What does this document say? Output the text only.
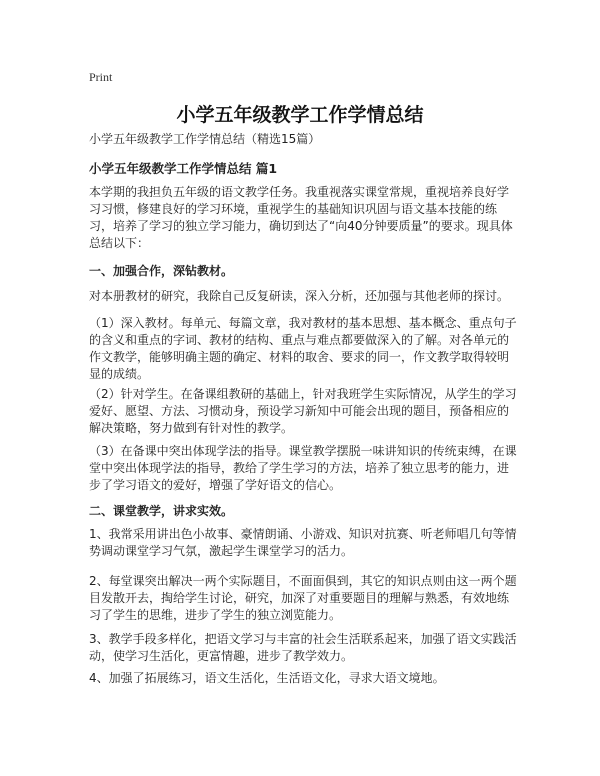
Print
小学五年级教学工作学情总结
小学五年级教学工作学情总结（精选15篇）
小学五年级教学工作学情总结 篇1
本学期的我担负五年级的语文教学任务。我重视落实课堂常规，重视培养良好学习习惯，修建良好的学习环境，重视学生的基础知识巩固与语文基本技能的练习，培养了学习的独立学习能力，确切到达了“向40分钟要质量”的要求。现具体总结以下：
一、加强合作，深钻教材。
对本册教材的研究，我除自己反复研读，深入分析，还加强与其他老师的探讨。
（1）深入教材。每单元、每篇文章，我对教材的基本思想、基本概念、重点句子的含义和重点的字词、教材的结构、重点与难点都要做深入的了解。对各单元的作文教学，能够明确主题的确定、材料的取舍、要求的同一，作文教学取得较明显的成绩。
（2）针对学生。在备课组教研的基础上，针对我班学生实际情况，从学生的学习爱好、愿望、方法、习惯动身，预设学习新知中可能会出现的题目，预备相应的解决策略，努力做到有针对性的教学。
（3）在备课中突出体现学法的指导。课堂教学摆脱一味讲知识的传统束缚，在课堂中突出体现学法的指导，教给了学生学习的方法，培养了独立思考的能力，进步了学习语文的爱好，增强了学好语文的信心。
二、课堂教学，讲求实效。
1、我常采用讲出色小故事、豪情朗诵、小游戏、知识对抗赛、听老师唱几句等情势调动课堂学习气氛，激起学生课堂学习的活力。
2、每堂课突出解决一两个实际题目，不面面俱到，其它的知识点则由这一两个题目发散开去，掏给学生讨论，研究，加深了对重要题目的理解与熟悉，有效地练习了学生的思维，进步了学生的独立浏览能力。
3、教学手段多样化，把语文学习与丰富的社会生活联系起来，加强了语文实践活动，使学习生活化，更富情趣，进步了教学效力。
4、加强了拓展练习，语文生活化，生活语文化，寻求大语文境地。
